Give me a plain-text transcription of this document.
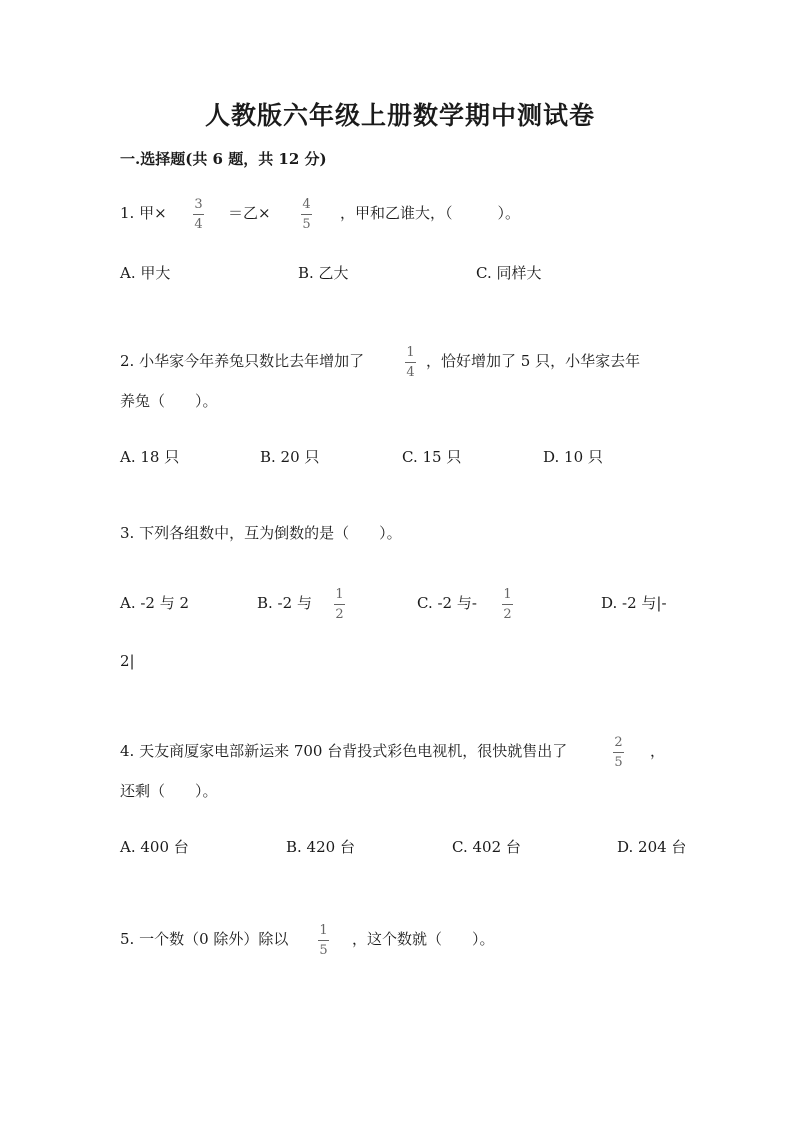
人教版六年级上册数学期中测试卷
一.选择题(共 6 题，共 12 分)
1. 甲× 3
4
＝乙× 4
5
，甲和乙谁大，（　　　）。
A. 甲大	B. 乙大	C. 同样大
2. 小华家今年养兔只数比去年增加了	1
4
，恰好增加了 5 只，小华家去年
养兔（　　）。
A. 18 只	B. 20 只	C. 15 只	D. 10 只
3. 下列各组数中，互为倒数的是（　　）。
A. -2 与 2	B. -2 与 1
2
C. -2 与- 1
2
D. -2 与|-
2|
4. 天友商厦家电部新运来 700 台背投式彩色电视机，很快就售出了	2
5
，
还剩（　　）。
A. 400 台	B. 420 台	C. 402 台	D. 204 台
5. 一个数（0 除外）除以 1
5
，这个数就（　　）。
